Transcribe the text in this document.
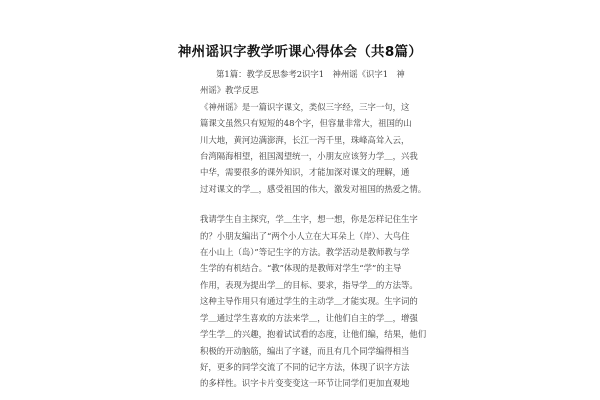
神州谣识字教学听课心得体会（共8篇）
第1篇：教学反思参考2识字1　神州谣《识字1　神
州谣》教学反思
《神州谣》是一篇识字课文，类似三字经，三字一句，这
篇课文虽然只有短短的48个字，但容量非常大，祖国的山
川大地，黄河边满澎湃，长江一泻千里，珠峰高耸入云，
台湾隔海相望，祖国渴望统一，小朋友应该努力学＿，兴我
中华，需要很多的课外知识，才能加深对课文的理解，通
过对课文的学＿，感受祖国的伟大，激发对祖国的热爱之情。
我请学生自主探究，学＿生字，想一想，你是怎样记住生字
的？小朋友编出了“两个小人立在大耳朵上（岸）、大鸟住
在小山上（岛）”等记生字的方法。教学活动是教师教与学
生学的有机结合。“教”体现的是教师对学生“学”的主导
作用，表现为提出学＿的目标、要求，指导学＿的方法等。
这种主导作用只有通过学生的主动学＿才能实现。生字词的
学＿通过学生喜欢的方法来学＿，让他们自主的学＿，增强
学生学＿的兴趣，抱着试试看的态度，让他们编，结果，他们
积极的开动脑筋，编出了字谜，而且有几个同学编得相当
好，更多的同学交流了不同的记字方法，体现了识字方法
的多样性。识字卡片变变变这一环节让同学们更加直观地
